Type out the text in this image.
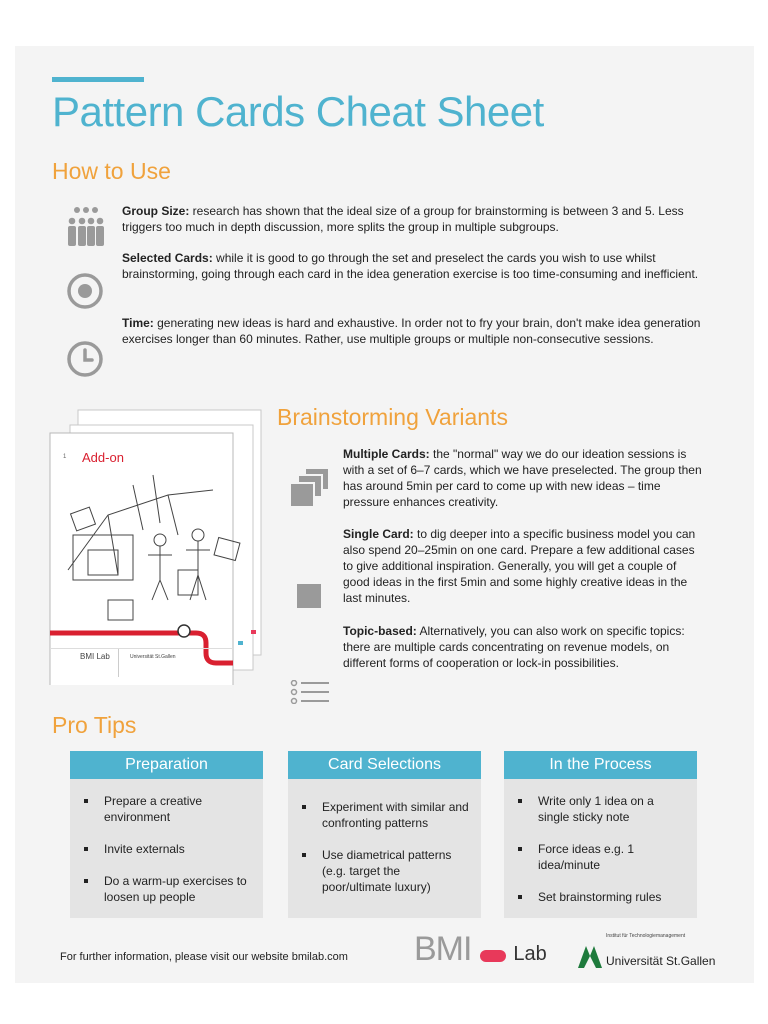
Pattern Cards Cheat Sheet
How to Use
Group Size: research has shown that the ideal size of a group for brainstorming is between 3 and 5. Less triggers too much in depth discussion, more splits the group in multiple subgroups.
Selected Cards: while it is good to go through the set and preselect the cards you wish to use whilst brainstorming, going through each card in the idea generation exercise is too time-consuming and inefficient.
Time: generating new ideas is hard and exhaustive. In order not to fry your brain, don't make idea generation exercises longer than 60 minutes. Rather, use multiple groups or multiple non-consecutive sessions.
1 Add-on
BMI Lab	Universität St.Gallen
Brainstorming Variants
Multiple Cards: the "normal" way we do our ideation sessions is with a set of 6–7 cards, which we have preselected. The group then has around 5min per card to come up with new ideas – time pressure enhances creativity.
Single Card: to dig deeper into a specific business model you can also spend 20–25min on one card. Prepare a few additional cases to give additional inspiration. Generally, you will get a couple of good ideas in the first 5min and some highly creative ideas in the last minutes.
Topic-based: Alternatively, you can also work on specific topics: there are multiple cards concentrating on revenue models, on different forms of cooperation or lock-in possibilities.
Pro Tips
Preparation
Prepare a creative environment
Invite externals
Do a warm-up exercises to loosen up people
Card Selections
Experiment with similar and confronting patterns
Use diametrical patterns (e.g. target the poor/ultimate luxury)
In the Process
Write only 1 idea on a single sticky note
Force ideas e.g. 1 idea/minute
Set brainstorming rules
For further information, please visit our website bmilab.com BMI Lab
Institut für Technologiemanagement
Universität St.Gallen
